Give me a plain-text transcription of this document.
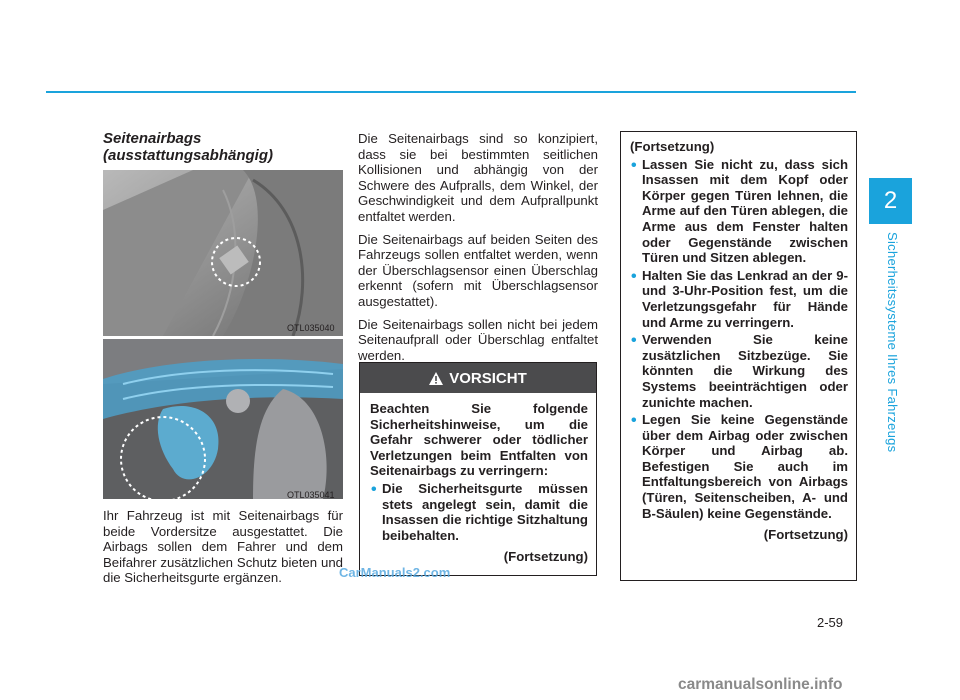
2
Sicherheitssysteme Ihres Fahrzeugs

Seitenairbags

(ausstattungsabhängig)

OTL035040
OTL035041

Ihr Fahrzeug ist mit Seitenairbags für beide Vordersitze ausgestattet. Die Airbags sollen dem Fahrer und dem Beifahrer zusätzlichen Schutz bieten und die Sicherheitsgurte ergänzen.

Die Seitenairbags sind so konzipiert, dass sie bei bestimmten seitlichen Kollisionen und abhängig von der Schwere des Aufpralls, dem Winkel, der Geschwindigkeit und dem Aufprallpunkt entfaltet werden.

Die Seitenairbags auf beiden Seiten des Fahrzeugs sollen entfaltet werden, wenn der Überschlagsensor einen Überschlag erkennt (sofern mit Überschlagsensor ausgestattet).

Die Seitenairbags sollen nicht bei jedem Seitenaufprall oder Überschlag entfaltet werden.

VORSICHT

Beachten Sie folgende Sicherheitshinweise, um die Gefahr schwerer oder tödlicher Verletzungen beim Entfalten von Seitenairbags zu verringern:

• Die Sicherheitsgurte müssen stets angelegt sein, damit die Insassen die richtige Sitzhaltung beibehalten.

(Fortsetzung)

(Fortsetzung)

• Lassen Sie nicht zu, dass sich Insassen mit dem Kopf oder Körper gegen Türen lehnen, die Arme auf den Türen ablegen, die Arme aus dem Fenster halten oder Gegenstände zwischen Türen und Sitzen ablegen.

• Halten Sie das Lenkrad an der 9- und 3-Uhr-Position fest, um die Verletzungsgefahr für Hände und Arme zu verringern.

• Verwenden Sie keine zusätzlichen Sitzbezüge. Sie könnten die Wirkung des Systems beeinträchtigen oder zunichte machen.

• Legen Sie keine Gegenstände über dem Airbag oder zwischen Körper und Airbag ab. Befestigen Sie auch im Entfaltungsbereich von Airbags (Türen, Seitenscheiben, A- und B-Säulen) keine Gegenstände.

(Fortsetzung)
2-59
CarManuals2.com
carmanualsonline.info
